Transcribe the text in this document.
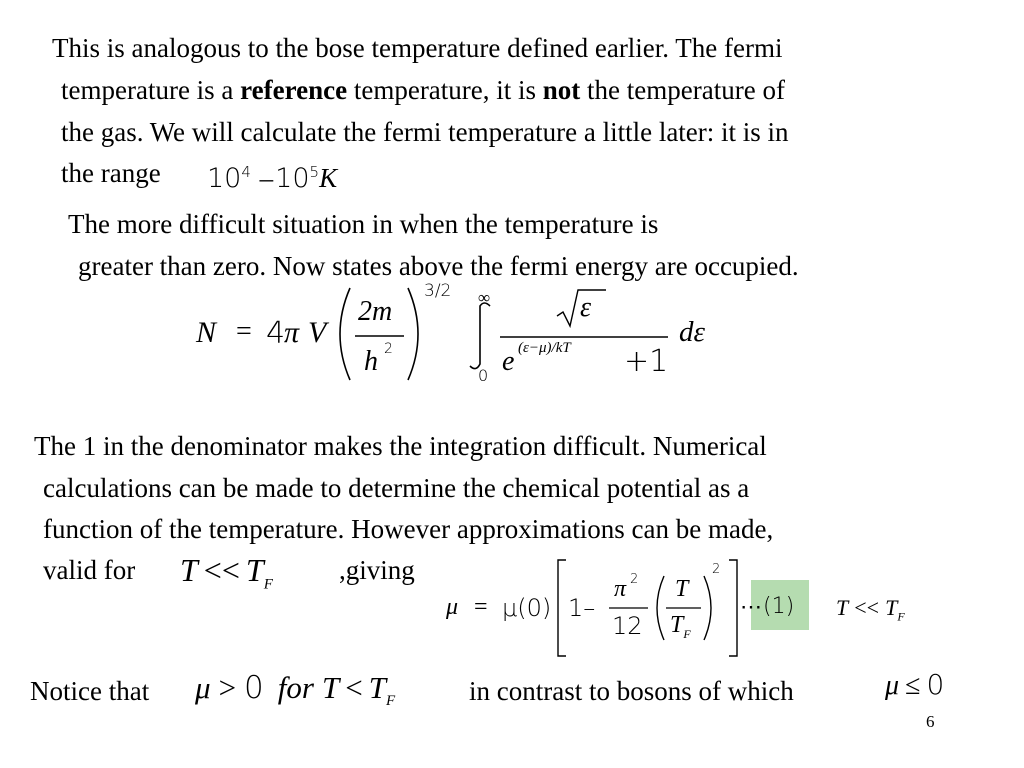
This is analogous to the bose temperature defined earlier. The fermi
temperature is a reference temperature, it is not the temperature of
the gas. We will calculate the fermi temperature a little later: it is in
the range $10^4$ $-10^5K$
The more difficult situation in when the temperature is
greater than zero. Now states above the fermi energy are occupied.
N = 4
π V
2m
h 2
3/2 ∞
0
ε
e (ε−μ)/kT +1
dε
The 1 in the denominator makes the integration difficult. Numerical
calculations can be made to determine the chemical potential as a
function of the temperature. However approximations can be made,
valid for	,giving
$T << T_F$
μ = μ(0) 1–
π 2
12
T
$T_F$
2
⋯ (1) $T << T_F$
Notice that μ > 0 for $T < T_F$	in contrast to bosons of which	μ ≤ 0
6
